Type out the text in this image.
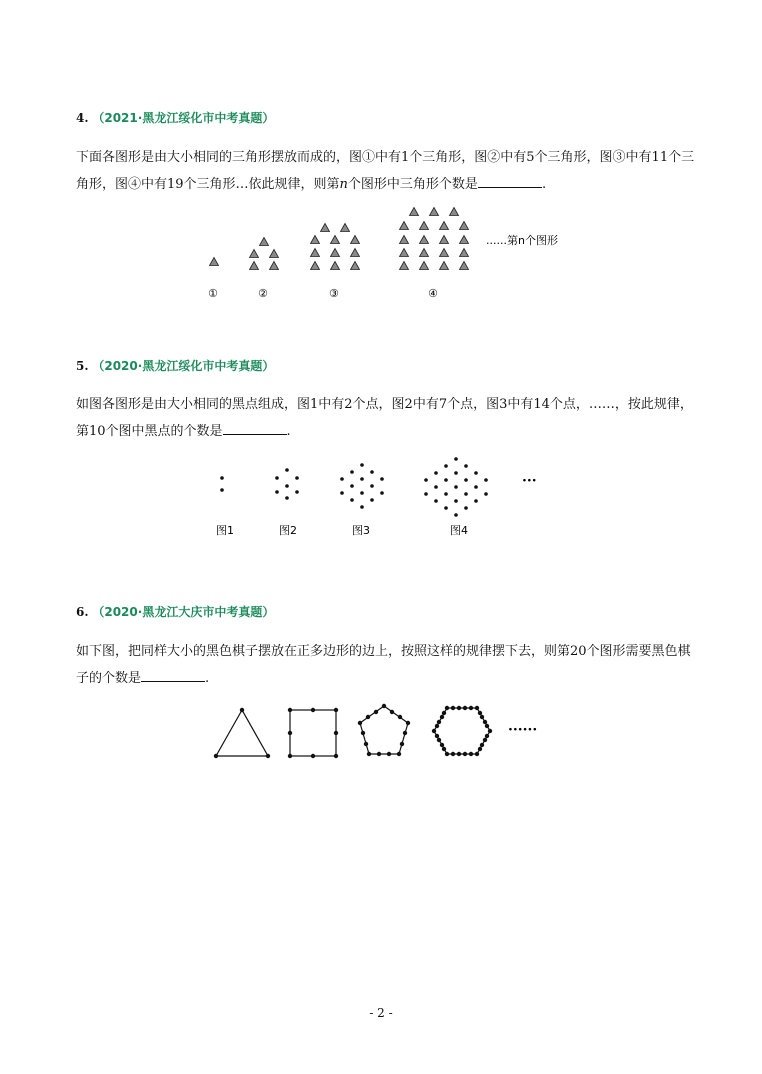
4. （2021·黑龙江绥化市中考真题）
下面各图形是由大小相同的三角形摆放而成的，图①中有1个三角形，图②中有5个三角形，图③中有11个三角形，图④中有19个三角形…依此规律，则第n个图形中三角形个数是	.
......第n个图形
①	②	③	④
5. （2020·黑龙江绥化市中考真题）
如图各图形是由大小相同的黑点组成，图1中有2个点，图2中有7个点，图3中有14个点，……，按此规律，第10个图中黑点的个数是	.
···
图1	图2	图3	图4
6. （2020·黑龙江大庆市中考真题）
如下图，把同样大小的黑色棋子摆放在正多边形的边上，按照这样的规律摆下去，则第20个图形需要黑色棋子的个数是	.
······
- 2 -
